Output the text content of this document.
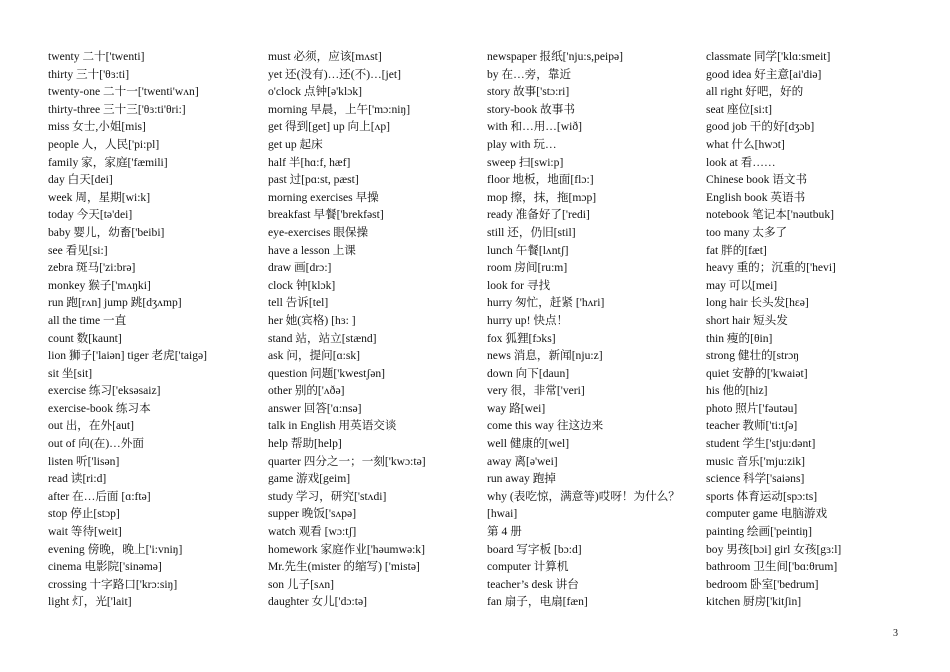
twenty 二十['twenti]
thirty 三十['θɜ:ti]
twenty-one 二十一['twenti'wʌn]
thirty-three 三十三['θɜ:ti'θri:]
miss 女士,小姐[mis]
people 人，人民['pi:pl]
family 家，家庭['fæmili]
day 白天[dei]
week 周，星期[wi:k]
today 今天[tə'dei]
baby 婴儿，幼畜['beibi]
see 看见[si:]
zebra 斑马['zi:brə]
monkey 猴子['mʌŋki]
run 跑[rʌn] jump 跳[dʒʌmp]
all the time 一直
count 数[kaunt]
lion 狮子['laiən] tiger 老虎['taigə]
sit 坐[sit]
exercise 练习['eksəsaiz]
exercise-book 练习本
out 出，在外[aut]
out of 向(在)…外面
listen 听['lisən]
read 读[ri:d]
after 在…后面 [ɑ:ftə]
stop 停止[stɔp]
wait 等待[weit]
evening 傍晚，晚上['i:vniŋ]
cinema 电影院['sinəmə]
crossing 十字路口['krɔ:siŋ]
light 灯，光['lait]
must 必须，应该[mʌst]
yet 还(没有)…还(不)…[jet]
o'clock 点钟[ə'klɔk]
morning 早晨，上午['mɔ:niŋ]
get 得到[get] up 向上[ʌp]
get up 起床
half 半[hɑ:f, hæf]
past 过[pɑ:st, pæst]
morning exercises 早操
breakfast 早餐['brekfəst]
eye-exercises 眼保操
have a lesson 上课
draw 画[drɔ:]
clock 钟[klɔk]
tell 告诉[tel]
her 她(宾格) [hɜ: ]
stand 站，站立[stænd]
ask 问，提问[ɑ:sk]
question 问题['kwestʃən]
other 别的['ʌðə]
answer 回答['ɑ:nsə]
talk in English 用英语交谈
help 帮助[help]
quarter 四分之一；一刻['kwɔ:tə]
game 游戏[geim]
study 学习，研究['stʌdi]
supper 晚饭['sʌpə]
watch 观看 [wɔ:tʃ]
homework 家庭作业['həumwə:k]
Mr.先生(mister 的缩写) ['mistə]
son 儿子[sʌn]
daughter 女儿['dɔ:tə]
newspaper 报纸['nju:s,peipə]
by 在…旁，靠近
story 故事['stɔ:ri]
story-book 故事书
with 和…用…[wið]
play with 玩…
sweep 扫[swi:p]
floor 地板，地面[flɔ:]
mop 擦，抹，拖[mɔp]
ready 准备好了['redi]
still 还，仍旧[stil]
lunch 午餐[lʌntʃ]
room 房间[ru:m]
look for 寻找
hurry 匆忙，赶紧 ['hʌri]
hurry up! 快点！
fox 狐狸[fɔks]
news 消息，新闻[nju:z]
down 向下[daun]
very 很，非常['veri]
way 路[wei]
come this way 往这边来
well 健康的[wel]
away 离[ə'wei]
run away 跑掉
why (表吃惊，满意等)哎呀！为什么？
[hwai]
第 4 册
board 写字板 [bɔ:d]
computer 计算机
teacher’s desk 讲台
fan 扇子，电扇[fæn]
classmate 同学['klɑ:smeit]
good idea 好主意[ai'diə]
all right 好吧，好的
seat 座位[si:t]
good job 干的好[dʒɔb]
what 什么[hwɔt]
look at 看……
Chinese book 语文书
English book 英语书
notebook 笔记本['nəutbuk]
too many 太多了
fat 胖的[fæt]
heavy 重的；沉重的['hevi]
may 可以[mei]
long hair 长头发[hɛə]
short hair 短头发
thin 瘦的[θin]
strong 健壮的[strɔŋ
quiet 安静的['kwaiət]
his 他的[hiz]
photo 照片['fəutəu]
teacher 教师['ti:tʃə]
student 学生['stju:dənt]
music 音乐['mju:zik]
science 科学['saiəns]
sports 体育运动[spɔ:ts]
computer game 电脑游戏
painting 绘画['peintiŋ]
boy 男孩[bɔi] girl 女孩[gɜ:l]
bathroom 卫生间['bɑ:θrum]
bedroom 卧室['bedrum]
kitchen 厨房['kitʃin]
3
